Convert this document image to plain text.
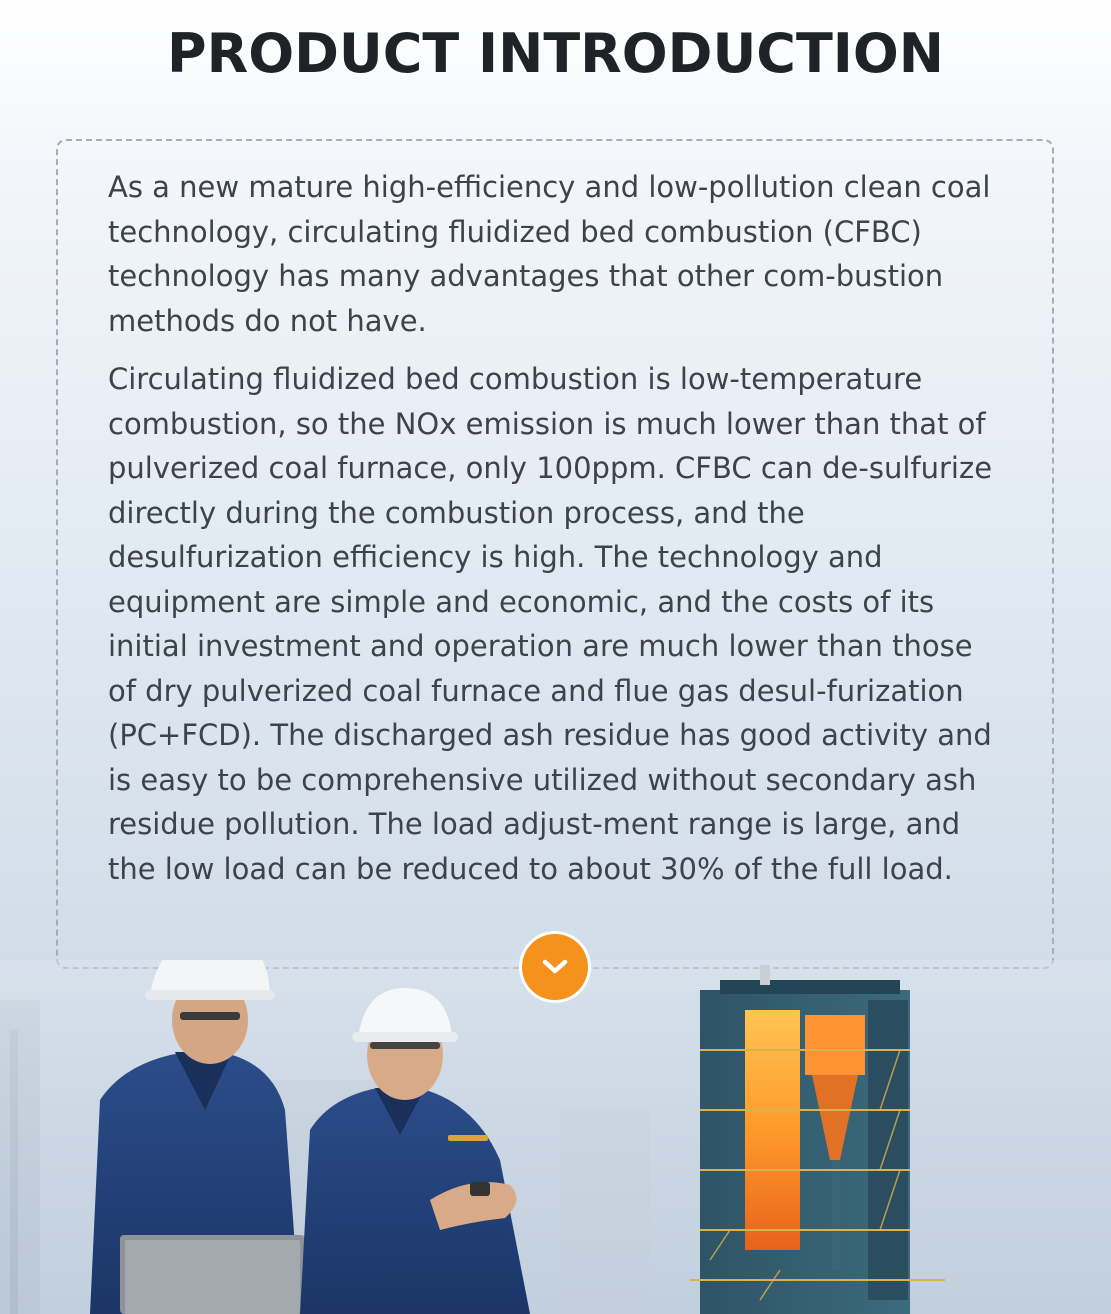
PRODUCT INTRODUCTION

As a new mature high-efficiency and low-pollution clean coal technology, circulating fluidized bed combustion (CFBC) technology has many advantages that other com-bustion methods do not have.

Circulating fluidized bed combustion is low-temperature combustion, so the NOx emission is much lower than that of pulverized coal furnace, only 100ppm. CFBC can de-sulfurize directly during the combustion process, and the desulfurization efficiency is high. The technology and equipment are simple and economic, and the costs of its initial investment and operation are much lower than those of dry pulverized coal furnace and flue gas desul-furization (PC+FCD). The discharged ash residue has good activity and is easy to be comprehensive utilized without secondary ash residue pollution. The load adjust-ment range is large, and the low load can be reduced to about 30% of the full load.
